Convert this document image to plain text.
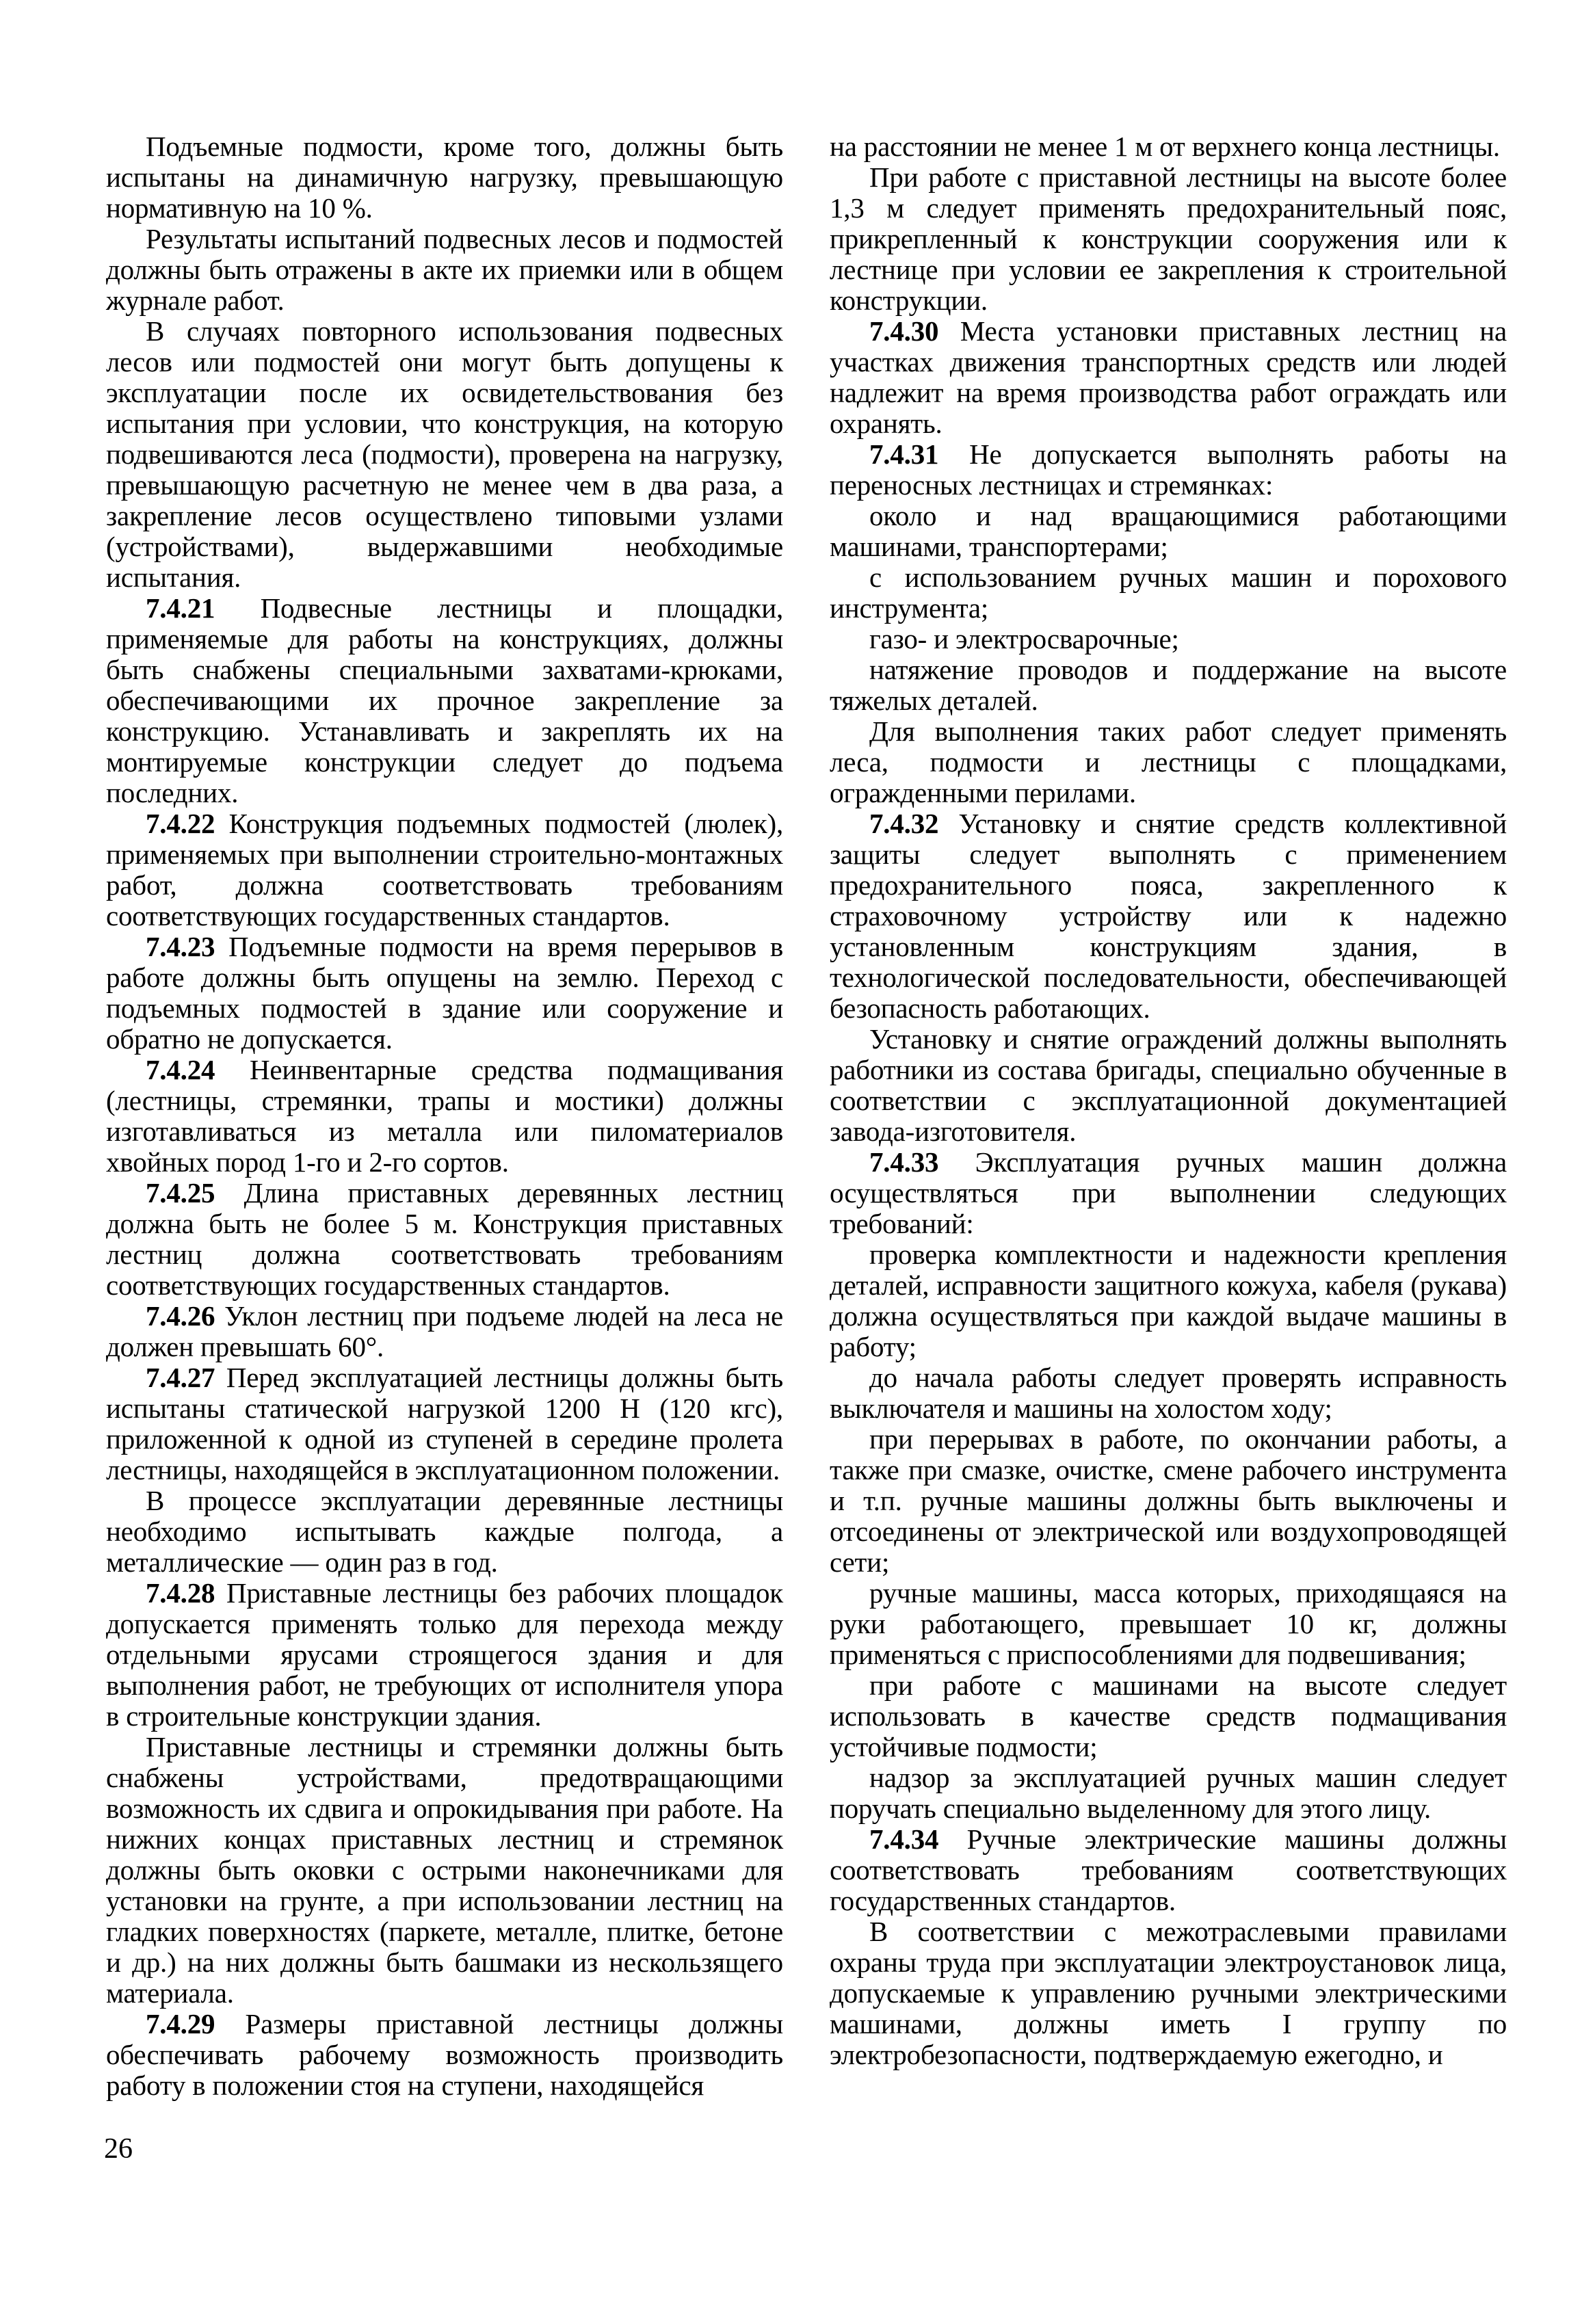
Подъемные подмости, кроме того, должны быть испытаны на динамичную нагрузку, превышающую нормативную на 10 %.

Результаты испытаний подвесных лесов и подмостей должны быть отражены в акте их приемки или в общем журнале работ.

В случаях повторного использования подвесных лесов или подмостей они могут быть допущены к эксплуатации после их освидетельствования без испытания при условии, что конструкция, на которую подвешиваются леса (подмости), проверена на нагрузку, превышающую расчетную не менее чем в два раза, а закрепление лесов осуществлено типовыми узлами (устройствами), выдержавшими необходимые испытания.

7.4.21 Подвесные лестницы и площадки, применяемые для работы на конструкциях, должны быть снабжены специальными захватами-крюками, обеспечивающими их прочное закрепление за конструкцию. Устанавливать и закреплять их на монтируемые конструкции следует до подъема последних.

7.4.22 Конструкция подъемных подмостей (люлек), применяемых при выполнении строительно-монтажных работ, должна соответствовать требованиям соответствующих государственных стандартов.

7.4.23 Подъемные подмости на время перерывов в работе должны быть опущены на землю. Переход с подъемных подмостей в здание или сооружение и обратно не допускается.

7.4.24 Неинвентарные средства подмащивания (лестницы, стремянки, трапы и мостики) должны изготавливаться из металла или пиломатериалов хвойных пород 1-го и 2-го сортов.

7.4.25 Длина приставных деревянных лестниц должна быть не более 5 м. Конструкция приставных лестниц должна соответствовать требованиям соответствующих государственных стандартов.

7.4.26 Уклон лестниц при подъеме людей на леса не должен превышать 60°.

7.4.27 Перед эксплуатацией лестницы должны быть испытаны статической нагрузкой 1200 Н (120 кгс), приложенной к одной из ступеней в середине пролета лестницы, находящейся в эксплуатационном положении.

В процессе эксплуатации деревянные лестницы необходимо испытывать каждые полгода, а металлические — один раз в год.

7.4.28 Приставные лестницы без рабочих площадок допускается применять только для перехода между отдельными ярусами строящегося здания и для выполнения работ, не требующих от исполнителя упора в строительные конструкции здания.

Приставные лестницы и стремянки должны быть снабжены устройствами, предотвращающими возможность их сдвига и опрокидывания при работе. На нижних концах приставных лестниц и стремянок должны быть оковки с острыми наконечниками для установки на грунте, а при использовании лестниц на гладких поверхностях (паркете, металле, плитке, бетоне и др.) на них должны быть башмаки из нескользящего материала.

7.4.29 Размеры приставной лестницы должны обеспечивать рабочему возможность производить работу в положении стоя на ступени, находящейся

на расстоянии не менее 1 м от верхнего конца лестницы.

При работе с приставной лестницы на высоте более 1,3 м следует применять предохранительный пояс, прикрепленный к конструкции сооружения или к лестнице при условии ее закрепления к строительной конструкции.

7.4.30 Места установки приставных лестниц на участках движения транспортных средств или людей надлежит на время производства работ ограждать или охранять.

7.4.31 Не допускается выполнять работы на переносных лестницах и стремянках:

около и над вращающимися работающими машинами, транспортерами;

с использованием ручных машин и порохового инструмента;

газо- и электросварочные;

натяжение проводов и поддержание на высоте тяжелых деталей.

Для выполнения таких работ следует применять леса, подмости и лестницы с площадками, огражденными перилами.

7.4.32 Установку и снятие средств коллективной защиты следует выполнять с применением предохранительного пояса, закрепленного к страховочному устройству или к надежно установленным конструкциям здания, в технологической последовательности, обеспечивающей безопасность работающих.

Установку и снятие ограждений должны выполнять работники из состава бригады, специально обученные в соответствии с эксплуатационной документацией завода-изготовителя.

7.4.33 Эксплуатация ручных машин должна осуществляться при выполнении следующих требований:

проверка комплектности и надежности крепления деталей, исправности защитного кожуха, кабеля (рукава) должна осуществляться при каждой выдаче машины в работу;

до начала работы следует проверять исправность выключателя и машины на холостом ходу;

при перерывах в работе, по окончании работы, а также при смазке, очистке, смене рабочего инструмента и т.п. ручные машины должны быть выключены и отсоединены от электрической или воздухопроводящей сети;

ручные машины, масса которых, приходящаяся на руки работающего, превышает 10 кг, должны применяться с приспособлениями для подвешивания;

при работе с машинами на высоте следует использовать в качестве средств подмащивания устойчивые подмости;

надзор за эксплуатацией ручных машин следует поручать специально выделенному для этого лицу.

7.4.34 Ручные электрические машины должны соответствовать требованиям соответствующих государственных стандартов.

В соответствии с межотраслевыми правилами охраны труда при эксплуатации электроустановок лица, допускаемые к управлению ручными электрическими машинами, должны иметь I группу по электробезопасности, подтверждаемую ежегодно, и

26
